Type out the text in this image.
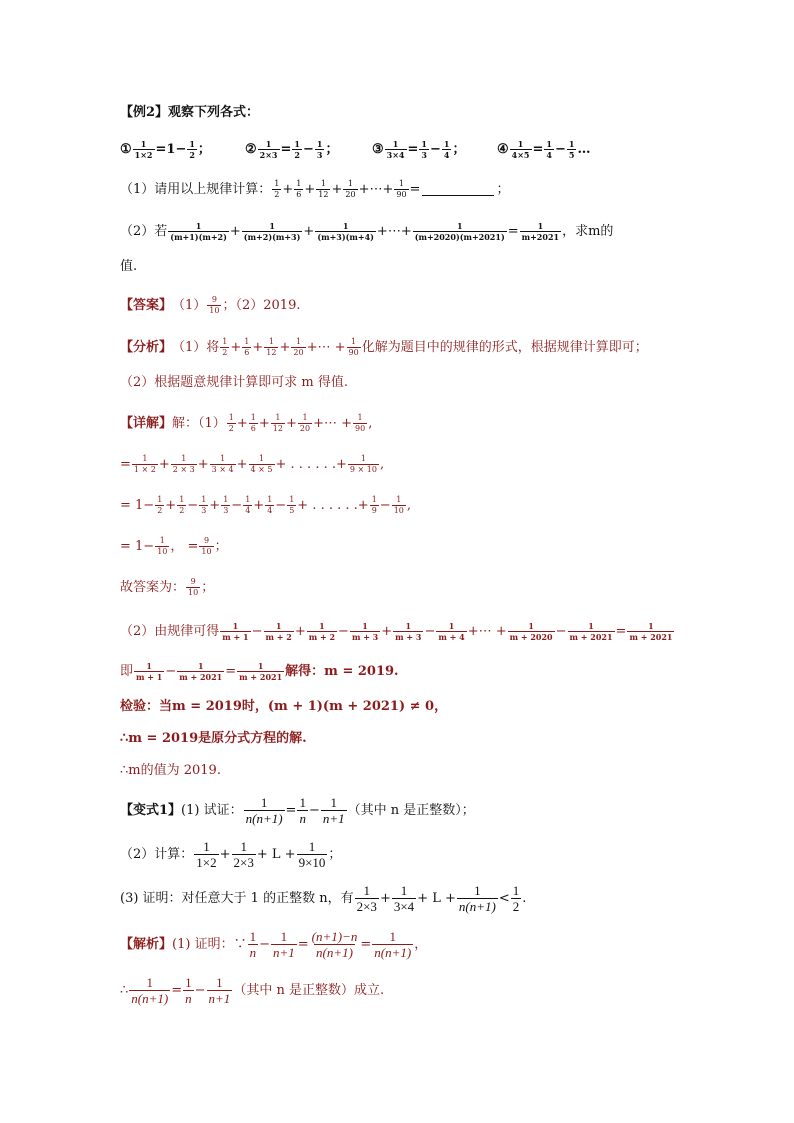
【例2】观察下列各式：
① $\frac{1}{1\times 2} =1- \frac{1}{2}$ ；	② $\frac{1}{2\times 3} = \frac{1}{2} - \frac{1}{3}$ ；	③ $\frac{1}{3\times 4} = \frac{1}{3} - \frac{1}{4}$ ； ④ $\frac{1}{4\times 5} = \frac{1}{4} - \frac{1}{5}$ …
（1）请用以上规律计算： $\frac{1}{2} + \frac{1}{6} + \frac{1}{12} + \frac{1}{20}$ +⋯+ $\frac{1}{90}$ =	；
（2）若 $\frac{1}{(m+1)(m+2)} + \frac{1}{(m+2)(m+3)} + \frac{1}{(m+3)(m+4)}$ +⋯+ $\frac{1}{(m+2020)(m+2021)} = \frac{1}{m+2021}$ ，求m的
值.
【答案】 $(1) \frac{9}{10}$ ；（2）2019.
【分析】 （1）将 $\frac{1}{2} + \frac{1}{6} + \frac{1}{12} + \frac{1}{20}$ +⋯ + $\frac{1}{90}$ 化解为题目中的规律的形式，根据规律计算即可；
（2）根据题意规律计算即可求 m 得值.
【详解】 解：$(1) \frac{1}{2} + \frac{1}{6} + \frac{1}{12} + \frac{1}{20}$ +⋯ + $\frac{1}{90}$ ,
= $\frac{1}{1 \times 2} + \frac{1}{2 \times 3} + \frac{1}{3 \times 4} + \frac{1}{4 \times 5}$ + . . . . . . + $\frac{1}{9 \times 10}$ ,
= $1- \frac{1}{2} + \frac{1}{2} - \frac{1}{3} + \frac{1}{3} - \frac{1}{4} + \frac{1}{4} - \frac{1}{5}$ + . . . . . . + $\frac{1}{9} - \frac{1}{10}$ ,
= $1- \frac{1}{10}$ ， = $\frac{9}{10}$ ；
故答案为： $\frac{9}{10}$ ；
（2）由规律可得 $\frac{1}{m + 1} - \frac{1}{m + 2} + \frac{1}{m + 2} - \frac{1}{m + 3} + \frac{1}{m + 3} - \frac{1}{m + 4}$ +⋯ + $\frac{1}{m + 2020} - \frac{1}{m + 2021} = \frac{1}{m + 2021}$
即 $\frac{1}{m + 1} - \frac{1}{m + 2021} = \frac{1}{m + 2021}$ 解得：m = 2019.
检验：当m = 2019时，(m + 1)(m + 2021) ≠ 0，
∴m = 2019是原分式方程的解.
∴m的值为 2019.
【变式1】 (1) 试证： $\frac{1}{n(n+1)} = \frac{1}{n} - \frac{1}{n+1}$ （其中 n 是正整数）；
（2）计算： $\frac{1}{1\times 2} + \frac{1}{2\times 3} + L + \frac{1}{9\times 10}$ ；
(3) 证明：对任意大于 1 的正整数 n，有 $\frac{1}{2\times 3} + \frac{1}{3\times 4} + L + \frac{1}{n(n+1)} < \frac{1}{2}$ .
【解析】 (1) 证明：∵ $\frac{1}{n} - \frac{1}{n+1} = \frac{(n+1)-n}{n(n+1)} = \frac{1}{n(n+1)}$ ，
∴ $\frac{1}{n(n+1)} = \frac{1}{n} - \frac{1}{n+1}$ （其中 n 是正整数）成立.
